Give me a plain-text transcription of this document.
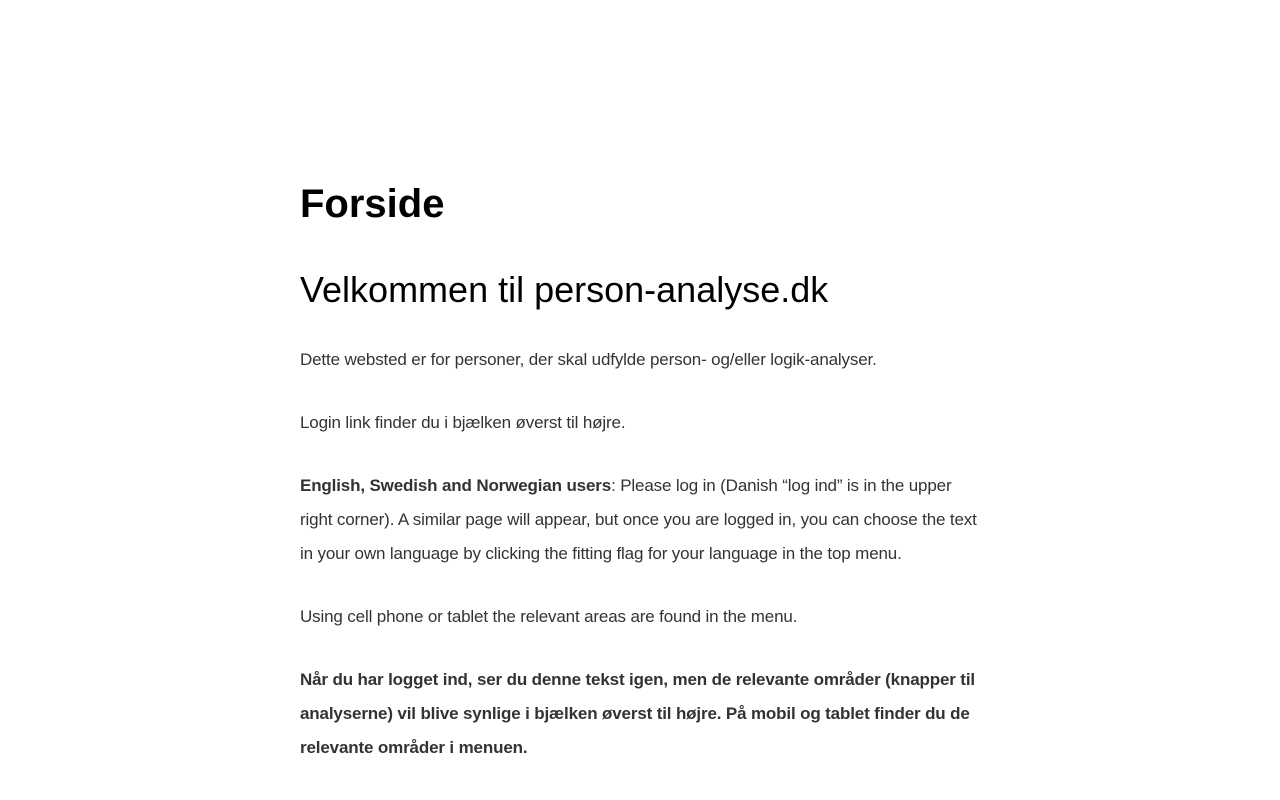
Forside
Velkommen til person-analyse.dk

Dette websted er for personer, der skal udfylde person- og/eller logik-analyser.

Login link finder du i bjælken øverst til højre.

English, Swedish and Norwegian users: Please log in (Danish “log ind” is in the upper right corner). A similar page will appear, but once you are logged in, you can choose the text in your own language by clicking the fitting flag for your language in the top menu.

Using cell phone or tablet the relevant areas are found in the menu.

Når du har logget ind, ser du denne tekst igen, men de relevante områder (knapper til analyserne) vil blive synlige i bjælken øverst til højre. På mobil og tablet finder du de relevante områder i menuen.
